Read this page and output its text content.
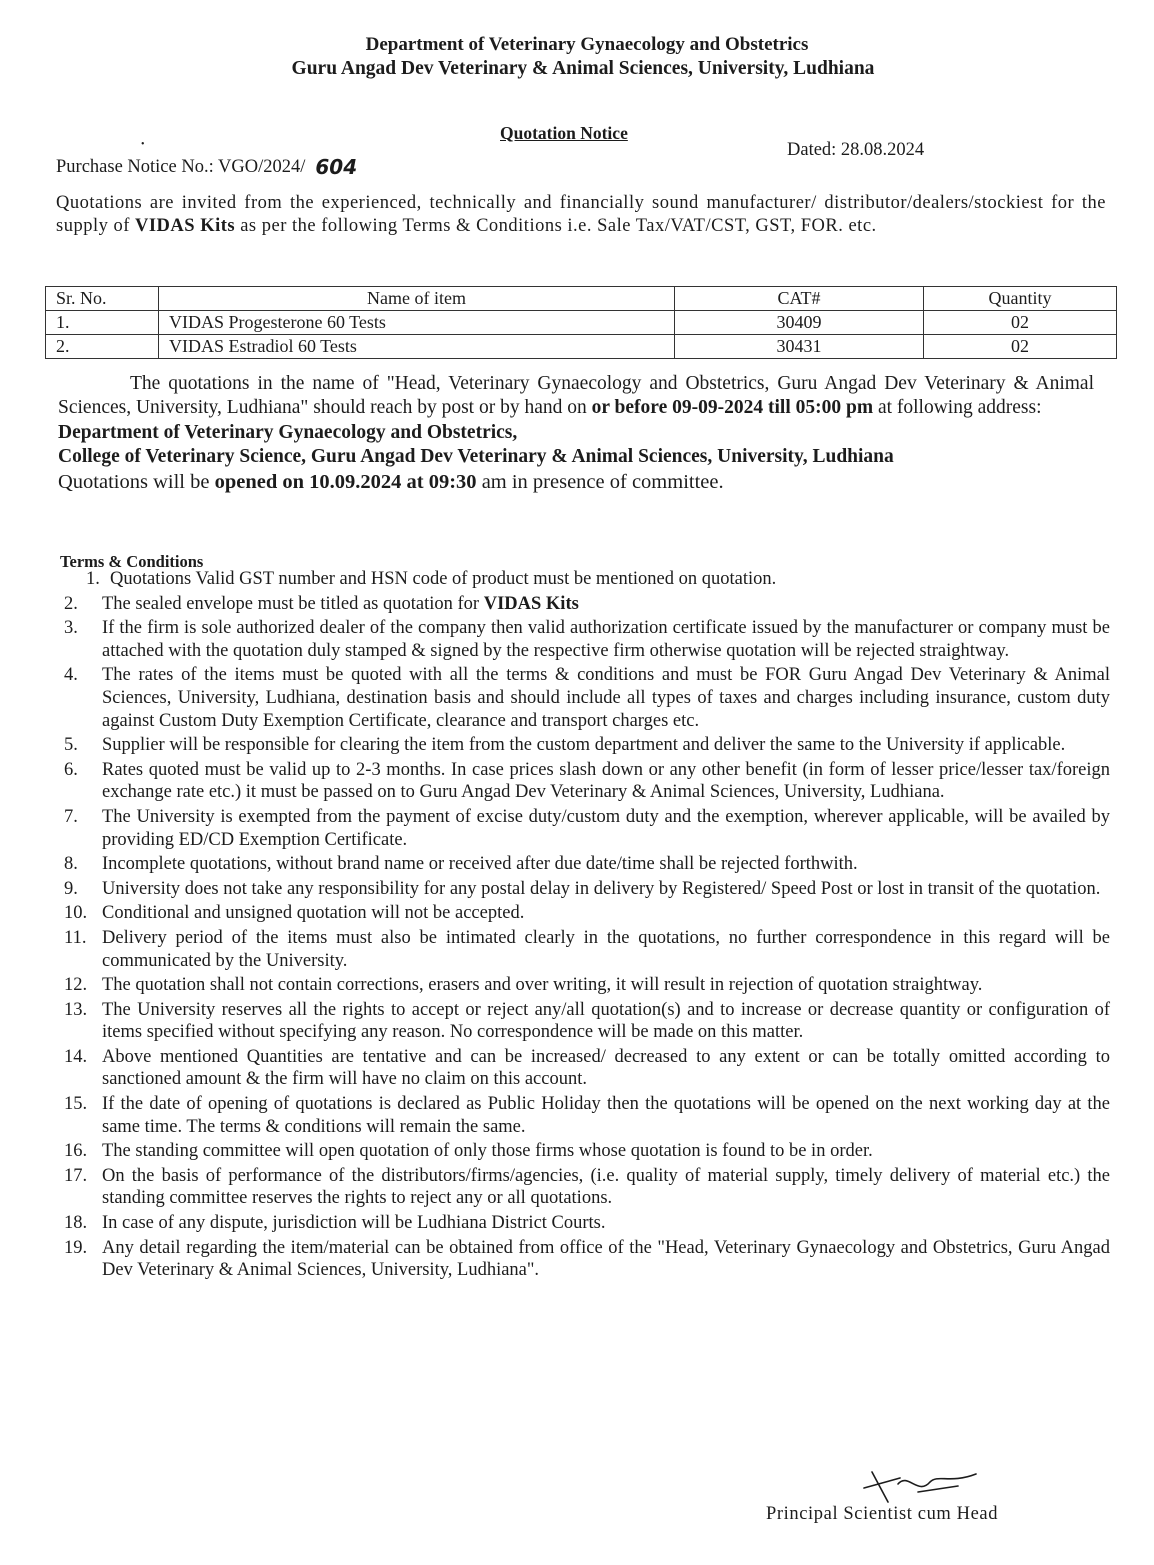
Department of Veterinary Gynaecology and Obstetrics
Guru Angad Dev Veterinary & Animal Sciences, University, Ludhiana
Quotation Notice
•	Dated: 28.08.2024
Purchase Notice No.: VGO/2024/ 604
Quotations are invited from the experienced, technically and financially sound manufacturer/ distributor/dealers/stockiest for the supply of VIDAS Kits as per the following Terms & Conditions i.e. Sale Tax/VAT/CST, GST, FOR. etc.
Sr. No.	Name of item	CAT#	Quantity
1.	VIDAS Progesterone 60 Tests	30409	02
2.	VIDAS Estradiol 60 Tests	30431	02

The quotations in the name of "Head, Veterinary Gynaecology and Obstetrics, Guru Angad Dev Veterinary & Animal Sciences, University, Ludhiana" should reach by post or by hand on or before 09-09-2024 till 05:00 pm at following address:

Department of Veterinary Gynaecology and Obstetrics,

College of Veterinary Science, Guru Angad Dev Veterinary & Animal Sciences, University, Ludhiana

Quotations will be opened on 10.09.2024 at 09:30 am in presence of committee.

Terms & Conditions
1. Quotations Valid GST number and HSN code of product must be mentioned on quotation.
2. The sealed envelope must be titled as quotation for VIDAS Kits
3. If the firm is sole authorized dealer of the company then valid authorization certificate issued by the manufacturer or company must be attached with the quotation duly stamped & signed by the respective firm otherwise quotation will be rejected straightway.
4. The rates of the items must be quoted with all the terms & conditions and must be FOR Guru Angad Dev Veterinary & Animal Sciences, University, Ludhiana, destination basis and should include all types of taxes and charges including insurance, custom duty against Custom Duty Exemption Certificate, clearance and transport charges etc.
5. Supplier will be responsible for clearing the item from the custom department and deliver the same to the University if applicable.
6. Rates quoted must be valid up to 2-3 months. In case prices slash down or any other benefit (in form of lesser price/lesser tax/foreign exchange rate etc.) it must be passed on to Guru Angad Dev Veterinary & Animal Sciences, University, Ludhiana.
7. The University is exempted from the payment of excise duty/custom duty and the exemption, wherever applicable, will be availed by providing ED/CD Exemption Certificate.
8. Incomplete quotations, without brand name or received after due date/time shall be rejected forthwith.
9. University does not take any responsibility for any postal delay in delivery by Registered/ Speed Post or lost in transit of the quotation.
10. Conditional and unsigned quotation will not be accepted.
11. Delivery period of the items must also be intimated clearly in the quotations, no further correspondence in this regard will be communicated by the University.
12. The quotation shall not contain corrections, erasers and over writing, it will result in rejection of quotation straightway.
13. The University reserves all the rights to accept or reject any/all quotation(s) and to increase or decrease quantity or configuration of items specified without specifying any reason. No correspondence will be made on this matter.
14. Above mentioned Quantities are tentative and can be increased/ decreased to any extent or can be totally omitted according to sanctioned amount & the firm will have no claim on this account.
15. If the date of opening of quotations is declared as Public Holiday then the quotations will be opened on the next working day at the same time. The terms & conditions will remain the same.
16. The standing committee will open quotation of only those firms whose quotation is found to be in order.
17. On the basis of performance of the distributors/firms/agencies, (i.e. quality of material supply, timely delivery of material etc.) the standing committee reserves the rights to reject any or all quotations.
18. In case of any dispute, jurisdiction will be Ludhiana District Courts.
19. Any detail regarding the item/material can be obtained from office of the "Head, Veterinary Gynaecology and Obstetrics, Guru Angad Dev Veterinary & Animal Sciences, University, Ludhiana".
Principal Scientist cum Head
